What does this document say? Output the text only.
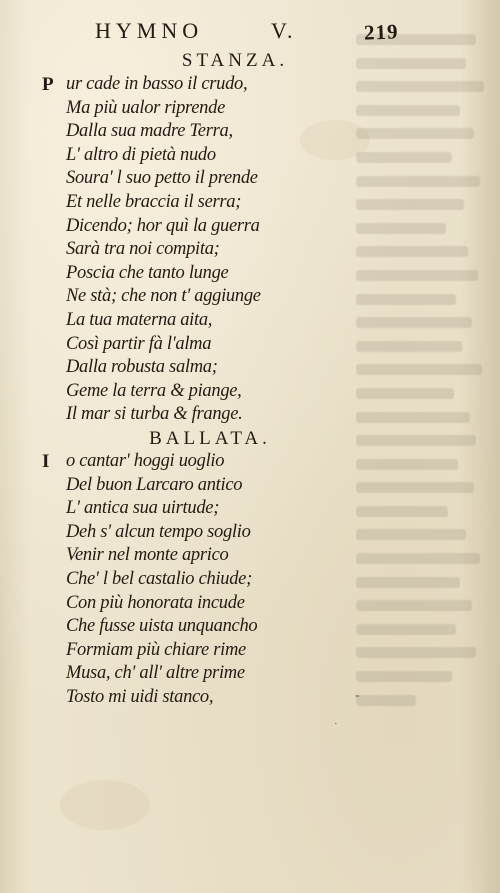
HYMNO	V.	219
STANZA.
P ur cade in basso il crudo,
Ma più ualor riprende
Dalla sua madre Terra,
L' altro di pietà nudo
Soura' l suo petto il prende
Et nelle braccia il serra;
Dicendo; hor quì la guerra
Sarà tra noi compita;
Poscia che tanto lunge
Ne stà; che non t' aggiunge
La tua materna aita,
Così partir fà l'alma
Dalla robusta salma;
Geme la terra & piange,
Il mar si turba & frange.
BALLATA.
I o cantar' hoggi uoglio
Del buon Larcaro antico
L' antica sua uirtude;
Deh s' alcun tempo soglio
Venir nel monte aprico
Che' l bel castalio chiude;
Con più honorata incude
Che fusse uista unquancho
Formiam più chiare rime
Musa, ch' all' altre prime
Tosto mi uidi stanco,	-
·
